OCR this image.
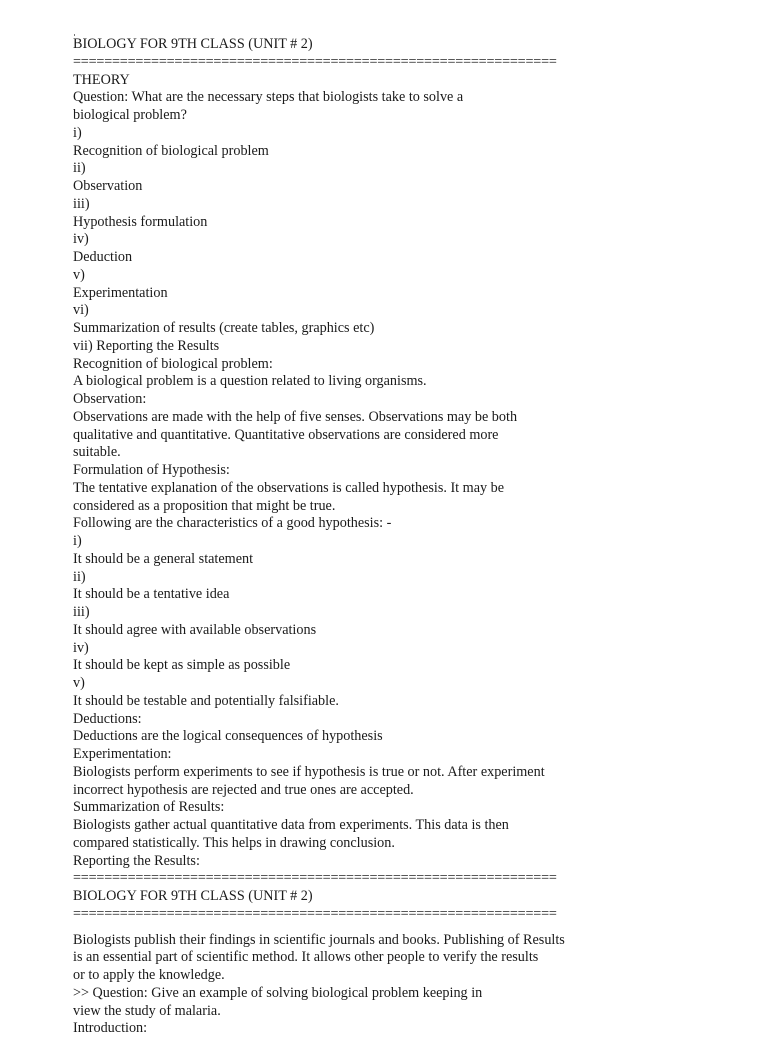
BIOLOGY FOR 9TH CLASS (UNIT # 2)
==============================================================
THEORY
Question: What are the necessary steps that biologists take to solve a
biological problem?
i)
Recognition of biological problem
ii)
Observation
iii)
Hypothesis formulation
iv)
Deduction
v)
Experimentation
vi)
Summarization of results (create tables, graphics etc)
vii) Reporting the Results
Recognition of biological problem:
A biological problem is a question related to living organisms.
Observation:
Observations are made with the help of five senses. Observations may be both
qualitative and quantitative. Quantitative observations are considered more
suitable.
Formulation of Hypothesis:
The tentative explanation of the observations is called hypothesis. It may be
considered as a proposition that might be true.
Following are the characteristics of a good hypothesis: -
i)
It should be a general statement
ii)
It should be a tentative idea
iii)
It should agree with available observations
iv)
It should be kept as simple as possible
v)
It should be testable and potentially falsifiable.
Deductions:
Deductions are the logical consequences of hypothesis
Experimentation:
Biologists perform experiments to see if hypothesis is true or not. After experiment
incorrect hypothesis are rejected and true ones are accepted.
Summarization of Results:
Biologists gather actual quantitative data from experiments. This data is then
compared statistically. This helps in drawing conclusion.
Reporting the Results:
==============================================================
BIOLOGY FOR 9TH CLASS (UNIT # 2)
==============================================================
Biologists publish their findings in scientific journals and books. Publishing of Results
is an essential part of scientific method. It allows other people to verify the results
or to apply the knowledge.
>> Question: Give an example of solving biological problem keeping in
view the study of malaria.
Introduction:
